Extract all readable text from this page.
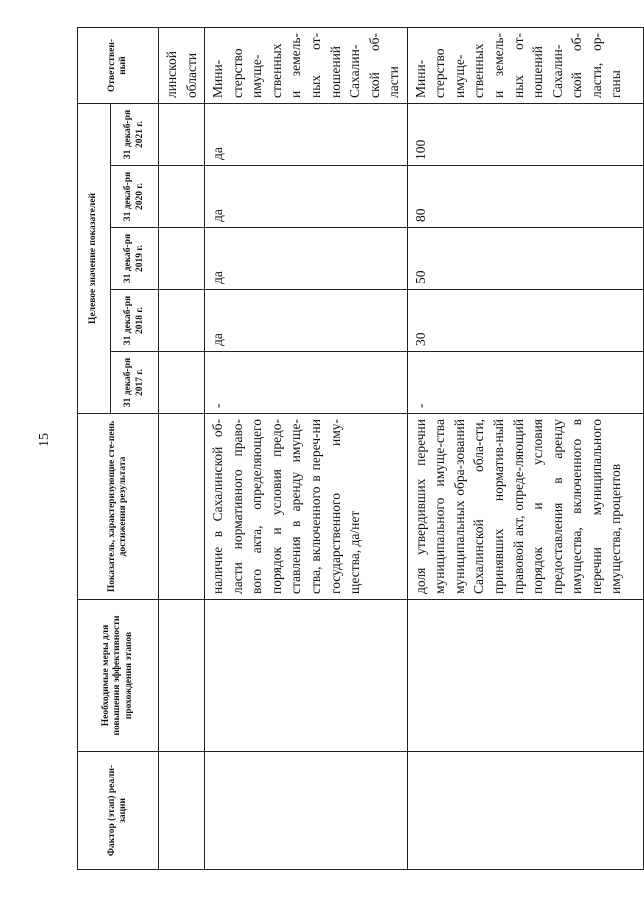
15
Фактор (этап) реали-зации	Необходимые меры для повышения эффективности прохождения этапов	Показатель, характеризующие сте-пень достижения результата	Целевое значение показателей					Ответствен-ный
			31 декаб-ря 2017 г.	31 декаб-ря 2018 г.	31 декаб-ря 2019 г.	31 декаб-ря 2020 г.	31 декаб-ря 2021 г.	
								линской области
		наличие в Сахалинской об-ласти нормативного право-вого акта, определяющего порядок и условия предо-ставления в аренду имуще-ства, включенного в переч-ни государственного иму-щества, да/нет	-	да	да	да	да	Мини-стерство имуще-ственных и земель-ных от-ношений Сахалин-ской об-ласти
		доля утвердивших перечни муниципального имуще-ства муниципальных обра-зований Сахалинской обла-сти, принявших норматив-ный правовой акт, опреде-ляющий порядок и условия предоставления в аренду имущества, включенного в перечни муниципального имущества, процентов	-	30	50	80	100	Мини-стерство имуще-ственных и земель-ных от-ношений Сахалин-ской об-ласти, ор-ганы
